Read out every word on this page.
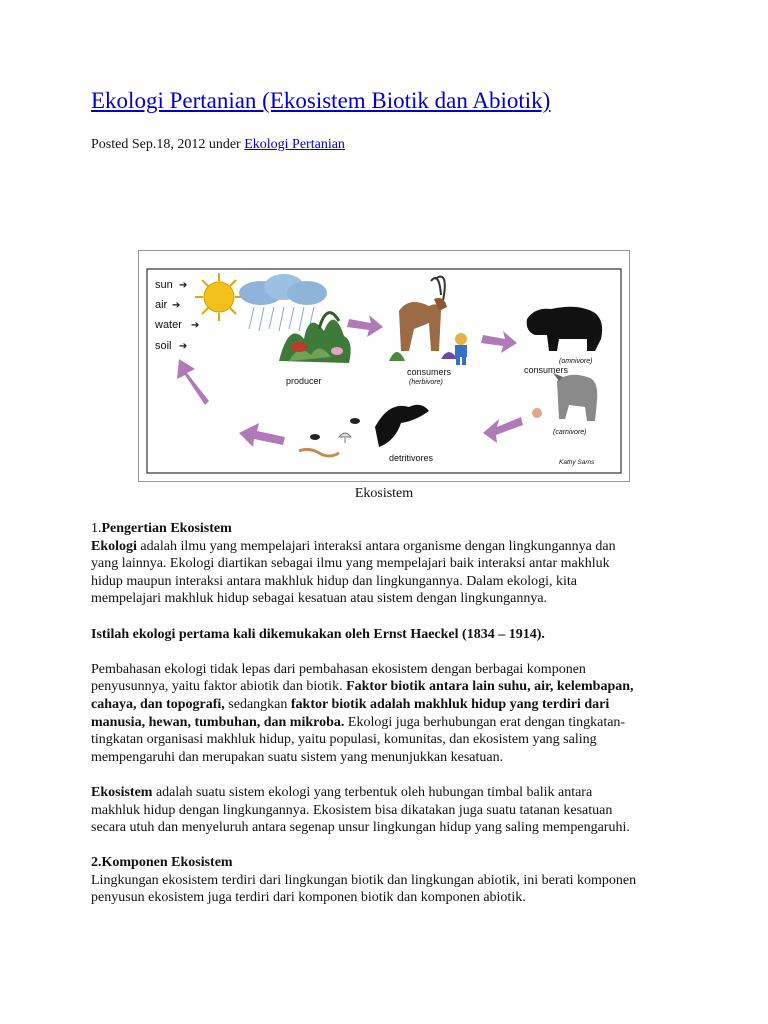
Ekologi Pertanian (Ekosistem Biotik dan Abiotik)
Posted Sep.18, 2012 under Ekologi Pertanian
sun
air
water
soil
➔
➔
➔
➔
producer
consumers
(herbivore)
(omnivore)
consumers
(carnivore)
detritivores	Kathy Sarns
Ekosistem

1.Pengertian Ekosistem
Ekologi adalah ilmu yang mempelajari interaksi antara organisme dengan lingkungannya dan
yang lainnya. Ekologi diartikan sebagai ilmu yang mempelajari baik interaksi antar makhluk
hidup maupun interaksi antara makhluk hidup dan lingkungannya. Dalam ekologi, kita
mempelajari makhluk hidup sebagai kesatuan atau sistem dengan lingkungannya.

Istilah ekologi pertama kali dikemukakan oleh Ernst Haeckel (1834 – 1914).

Pembahasan ekologi tidak lepas dari pembahasan ekosistem dengan berbagai komponen
penyusunnya, yaitu faktor abiotik dan biotik. Faktor biotik antara lain suhu, air, kelembapan,
cahaya, dan topografi, sedangkan faktor biotik adalah makhluk hidup yang terdiri dari
manusia, hewan, tumbuhan, dan mikroba. Ekologi juga berhubungan erat dengan tingkatan-
tingkatan organisasi makhluk hidup, yaitu populasi, komunitas, dan ekosistem yang saling
mempengaruhi dan merupakan suatu sistem yang menunjukkan kesatuan.

Ekosistem adalah suatu sistem ekologi yang terbentuk oleh hubungan timbal balik antara
makhluk hidup dengan lingkungannya. Ekosistem bisa dikatakan juga suatu tatanan kesatuan
secara utuh dan menyeluruh antara segenap unsur lingkungan hidup yang saling mempengaruhi.

2.Komponen Ekosistem
Lingkungan ekosistem terdiri dari lingkungan biotik dan lingkungan abiotik, ini berati komponen
penyusun ekosistem juga terdiri dari komponen biotik dan komponen abiotik.
